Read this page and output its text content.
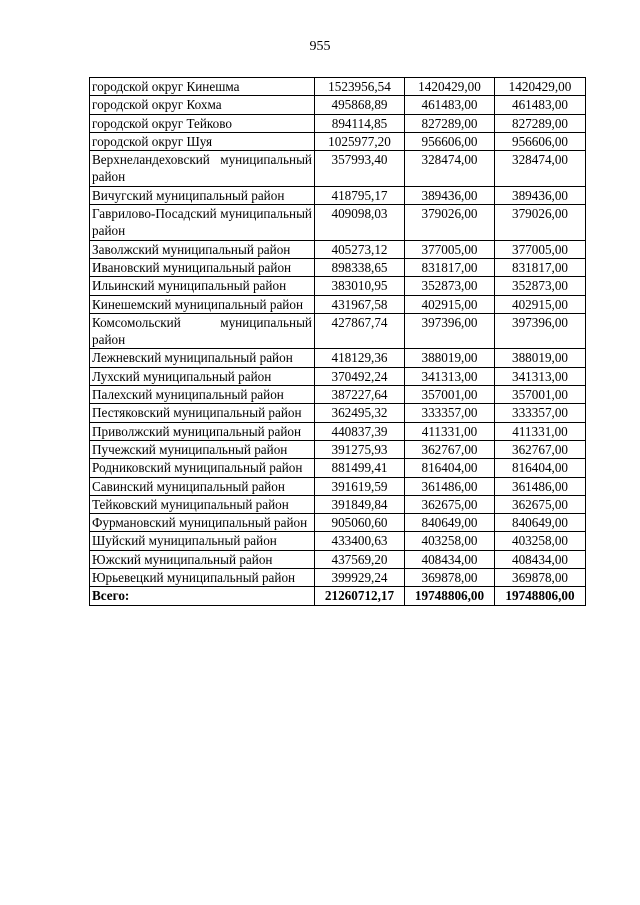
955
городской округ Кинешма	1523956,54	1420429,00	1420429,00
городской округ Кохма	495868,89	461483,00	461483,00
городской округ Тейково	894114,85	827289,00	827289,00
городской округ Шуя	1025977,20	956606,00	956606,00
Верхнеландеховский муниципальный район	357993,40	328474,00	328474,00
Вичугский муниципальный район	418795,17	389436,00	389436,00
Гаврилово-Посадский муниципальный район	409098,03	379026,00	379026,00
Заволжский муниципальный район	405273,12	377005,00	377005,00
Ивановский муниципальный район	898338,65	831817,00	831817,00
Ильинский муниципальный район	383010,95	352873,00	352873,00
Кинешемский муниципальный район	431967,58	402915,00	402915,00
Комсомольский муниципальный район	427867,74	397396,00	397396,00
Лежневский муниципальный район	418129,36	388019,00	388019,00
Лухский муниципальный район	370492,24	341313,00	341313,00
Палехский муниципальный район	387227,64	357001,00	357001,00
Пестяковский муниципальный район	362495,32	333357,00	333357,00
Приволжский муниципальный район	440837,39	411331,00	411331,00
Пучежский муниципальный район	391275,93	362767,00	362767,00
Родниковский муниципальный район	881499,41	816404,00	816404,00
Савинский муниципальный район	391619,59	361486,00	361486,00
Тейковский муниципальный район	391849,84	362675,00	362675,00
Фурмановский муниципальный район	905060,60	840649,00	840649,00
Шуйский муниципальный район	433400,63	403258,00	403258,00
Южский муниципальный район	437569,20	408434,00	408434,00
Юрьевецкий муниципальный район	399929,24	369878,00	369878,00
Всего:	21260712,17	19748806,00	19748806,00
